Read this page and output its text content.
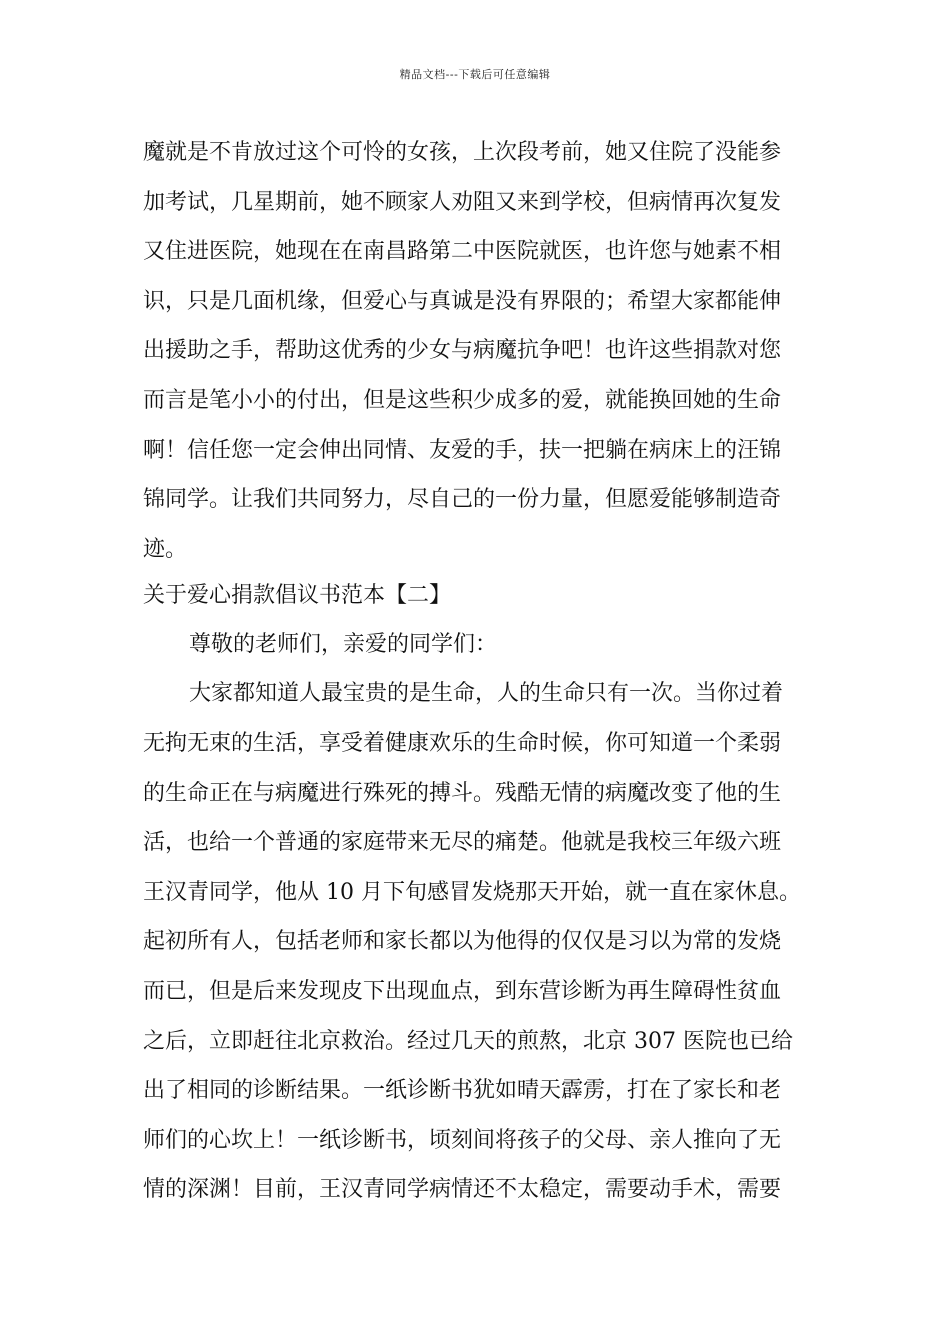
精品文档---下载后可任意编辑
魔就是不肯放过这个可怜的女孩，上次段考前，她又住院了没能参
加考试，几星期前，她不顾家人劝阻又来到学校，但病情再次复发
又住进医院，她现在在南昌路第二中医院就医，也许您与她素不相
识，只是几面机缘，但爱心与真诚是没有界限的；希望大家都能伸
出援助之手，帮助这优秀的少女与病魔抗争吧！也许这些捐款对您
而言是笔小小的付出，但是这些积少成多的爱，就能换回她的生命
啊！信任您一定会伸出同情、友爱的手，扶一把躺在病床上的汪锦
锦同学。让我们共同努力，尽自己的一份力量，但愿爱能够制造奇
迹。
关于爱心捐款倡议书范本【二】
尊敬的老师们，亲爱的同学们：
大家都知道人最宝贵的是生命，人的生命只有一次。当你过着
无拘无束的生活，享受着健康欢乐的生命时候，你可知道一个柔弱
的生命正在与病魔进行殊死的搏斗。残酷无情的病魔改变了他的生
活，也给一个普通的家庭带来无尽的痛楚。他就是我校三年级六班
王汉青同学，他从 10 月下旬感冒发烧那天开始，就一直在家休息。
起初所有人，包括老师和家长都以为他得的仅仅是习以为常的发烧
而已，但是后来发现皮下出现血点，到东营诊断为再生障碍性贫血
之后，立即赶往北京救治。经过几天的煎熬，北京 307 医院也已给
出了相同的诊断结果。一纸诊断书犹如晴天霹雳，打在了家长和老
师们的心坎上！一纸诊断书，顷刻间将孩子的父母、亲人推向了无
情的深渊！目前，王汉青同学病情还不太稳定，需要动手术，需要
